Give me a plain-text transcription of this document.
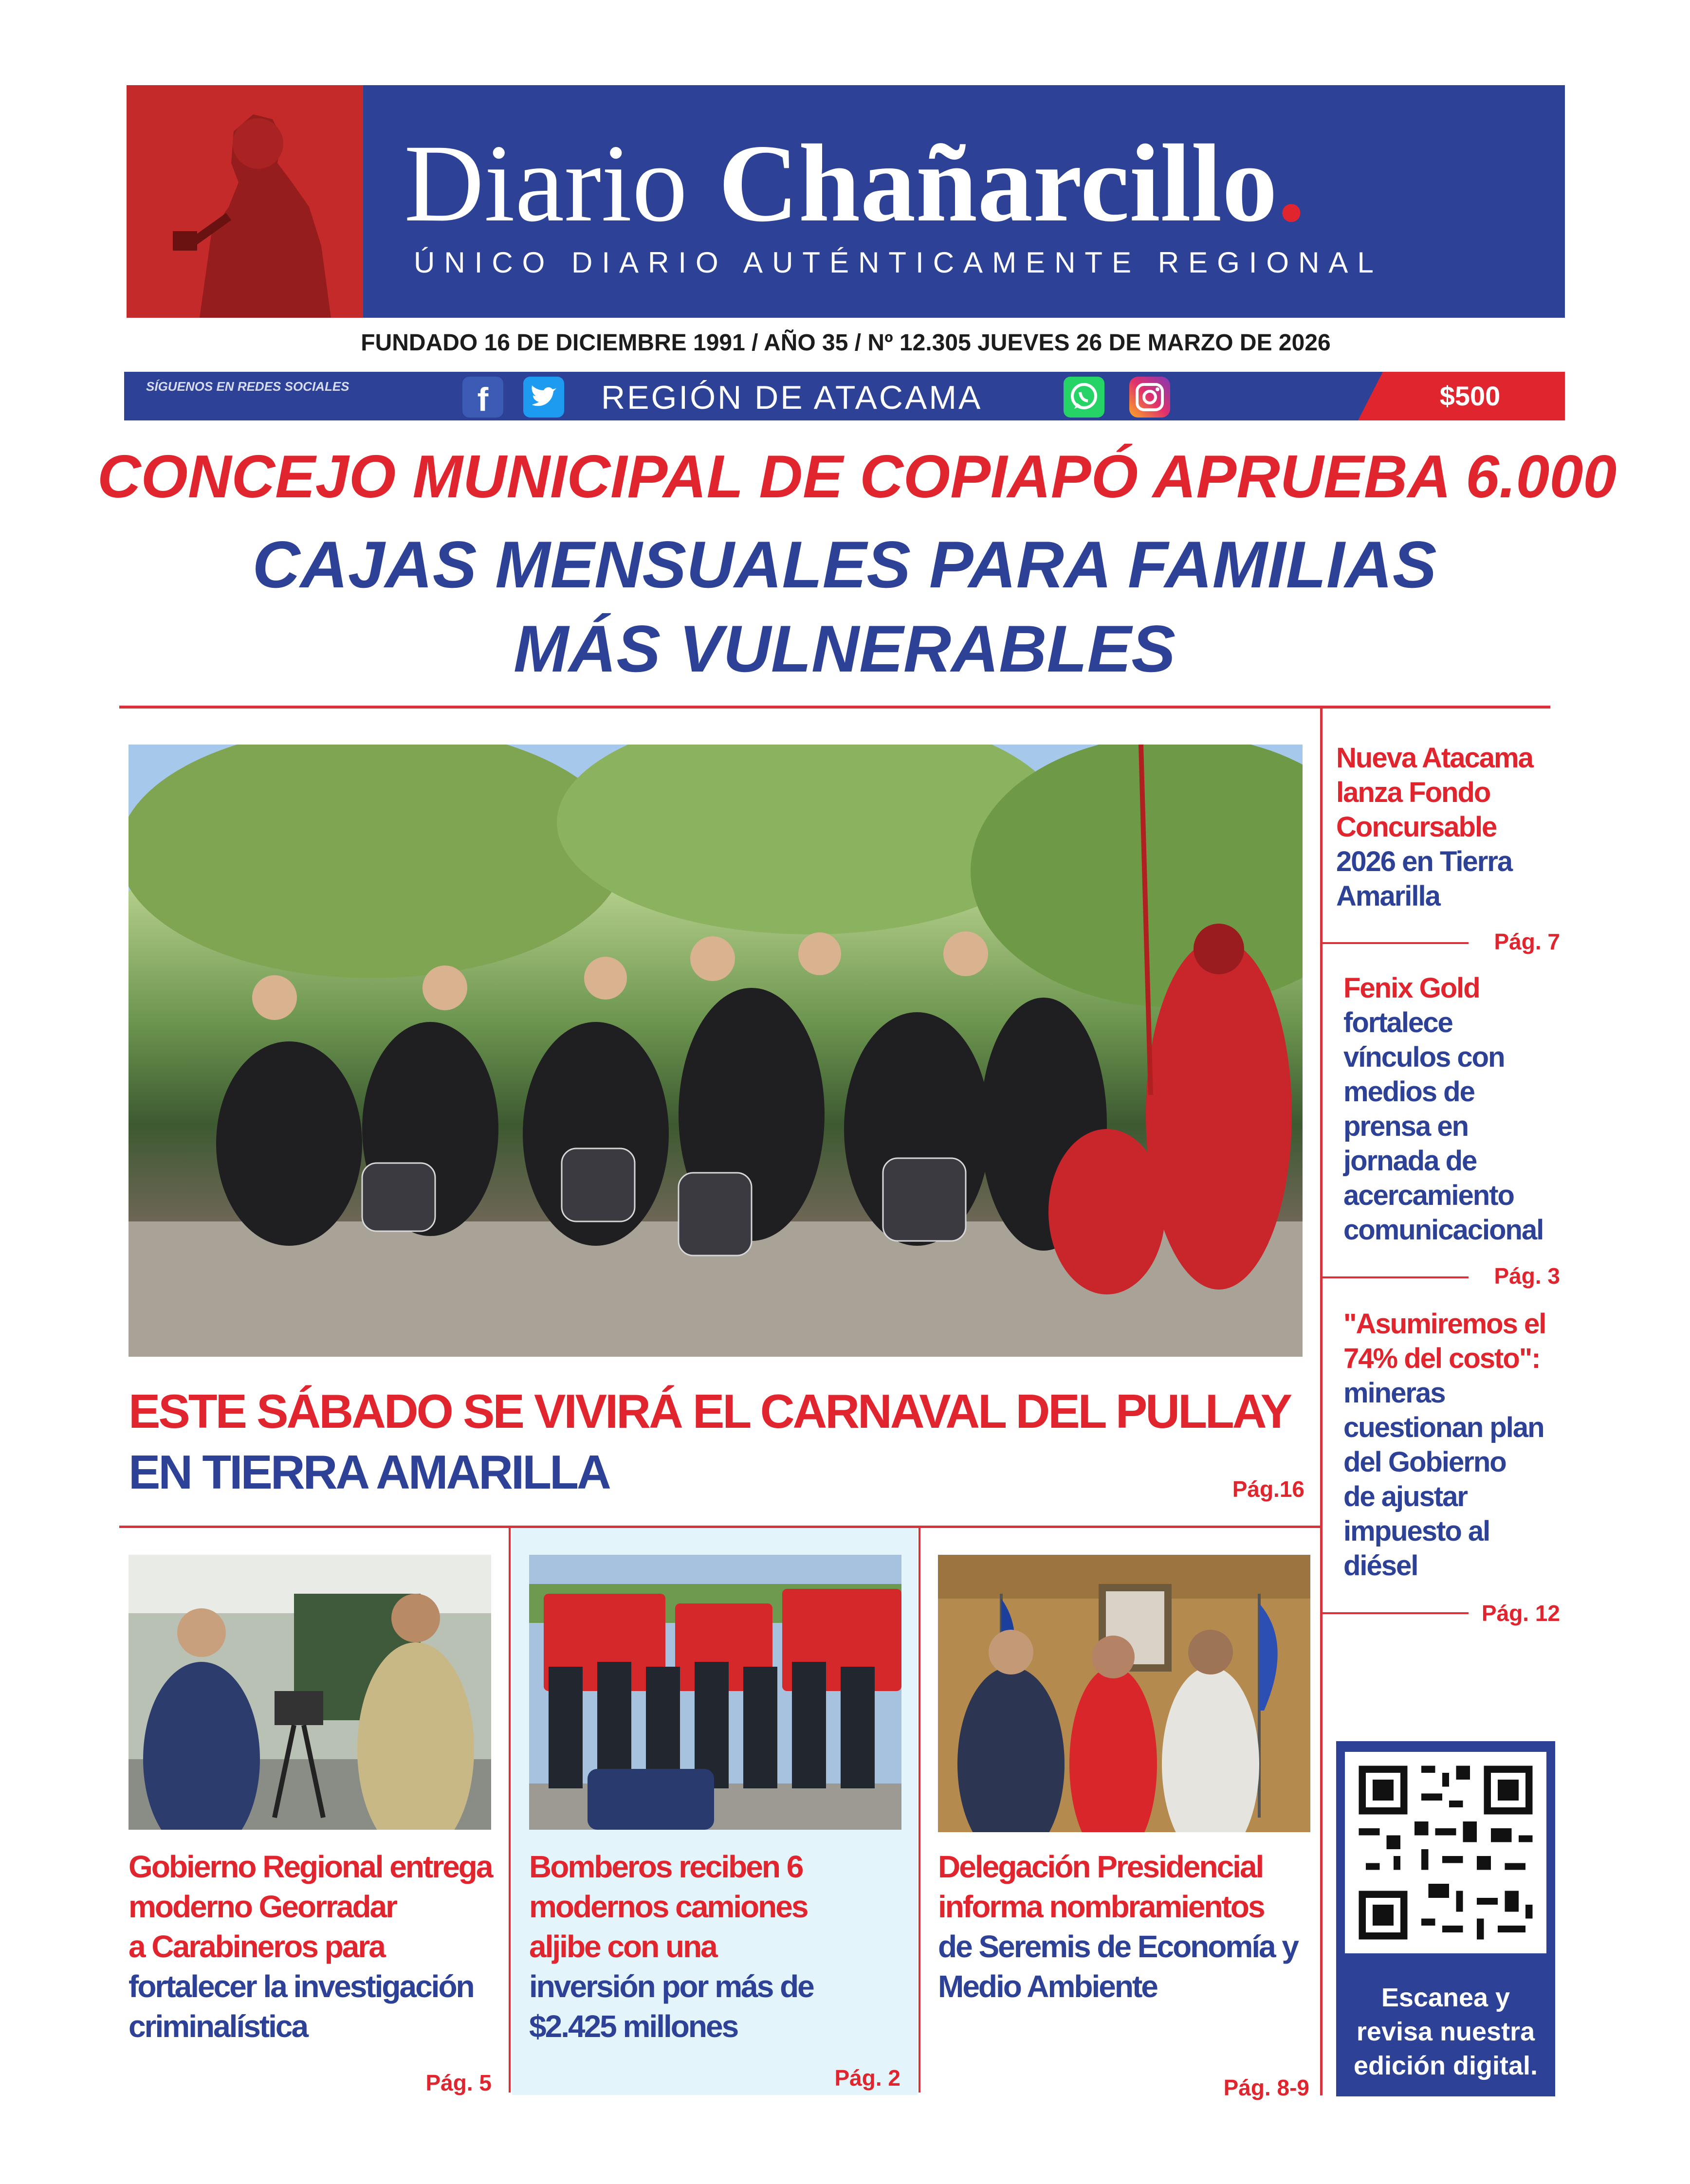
Diario Chañarcillo.
ÚNICO DIARIO AUTÉNTICAMENTE REGIONAL
FUNDADO 16 DE DICIEMBRE 1991 / AÑO 35 / Nº 12.305 JUEVES 26 DE MARZO DE 2026
SÍGUENOS EN REDES SOCIALES	f	REGIÓN DE ATACAMA	$500
CONCEJO MUNICIPAL DE COPIAPÓ APRUEBA 6.000
CAJAS MENSUALES PARA FAMILIAS
MÁS VULNERABLES
ESTE SÁBADO SE VIVIRÁ EL CARNAVAL DEL PULLAY
EN TIERRA AMARILLA	Pág.16
Nueva Atacama
lanza Fondo
Concursable
2026 en Tierra
Amarilla
Pág. 7
Fenix Gold
fortalece
vínculos con
medios de
prensa en
jornada de
acercamiento
comunicacional
Pág. 3
"Asumiremos el
74% del costo":
mineras
cuestionan plan
del Gobierno
de ajustar
impuesto al
diésel
Pág. 12
Escanea y
revisa nuestra
edición digital.
Gobierno Regional entrega
moderno Georradar
a Carabineros para
fortalecer la investigación
criminalística
Pág. 5
Bomberos reciben 6
modernos camiones
aljibe con una
inversión por más de
$2.425 millones
Pág. 2
Delegación Presidencial
informa nombramientos
de Seremis de Economía y
Medio Ambiente
Pág. 8-9
